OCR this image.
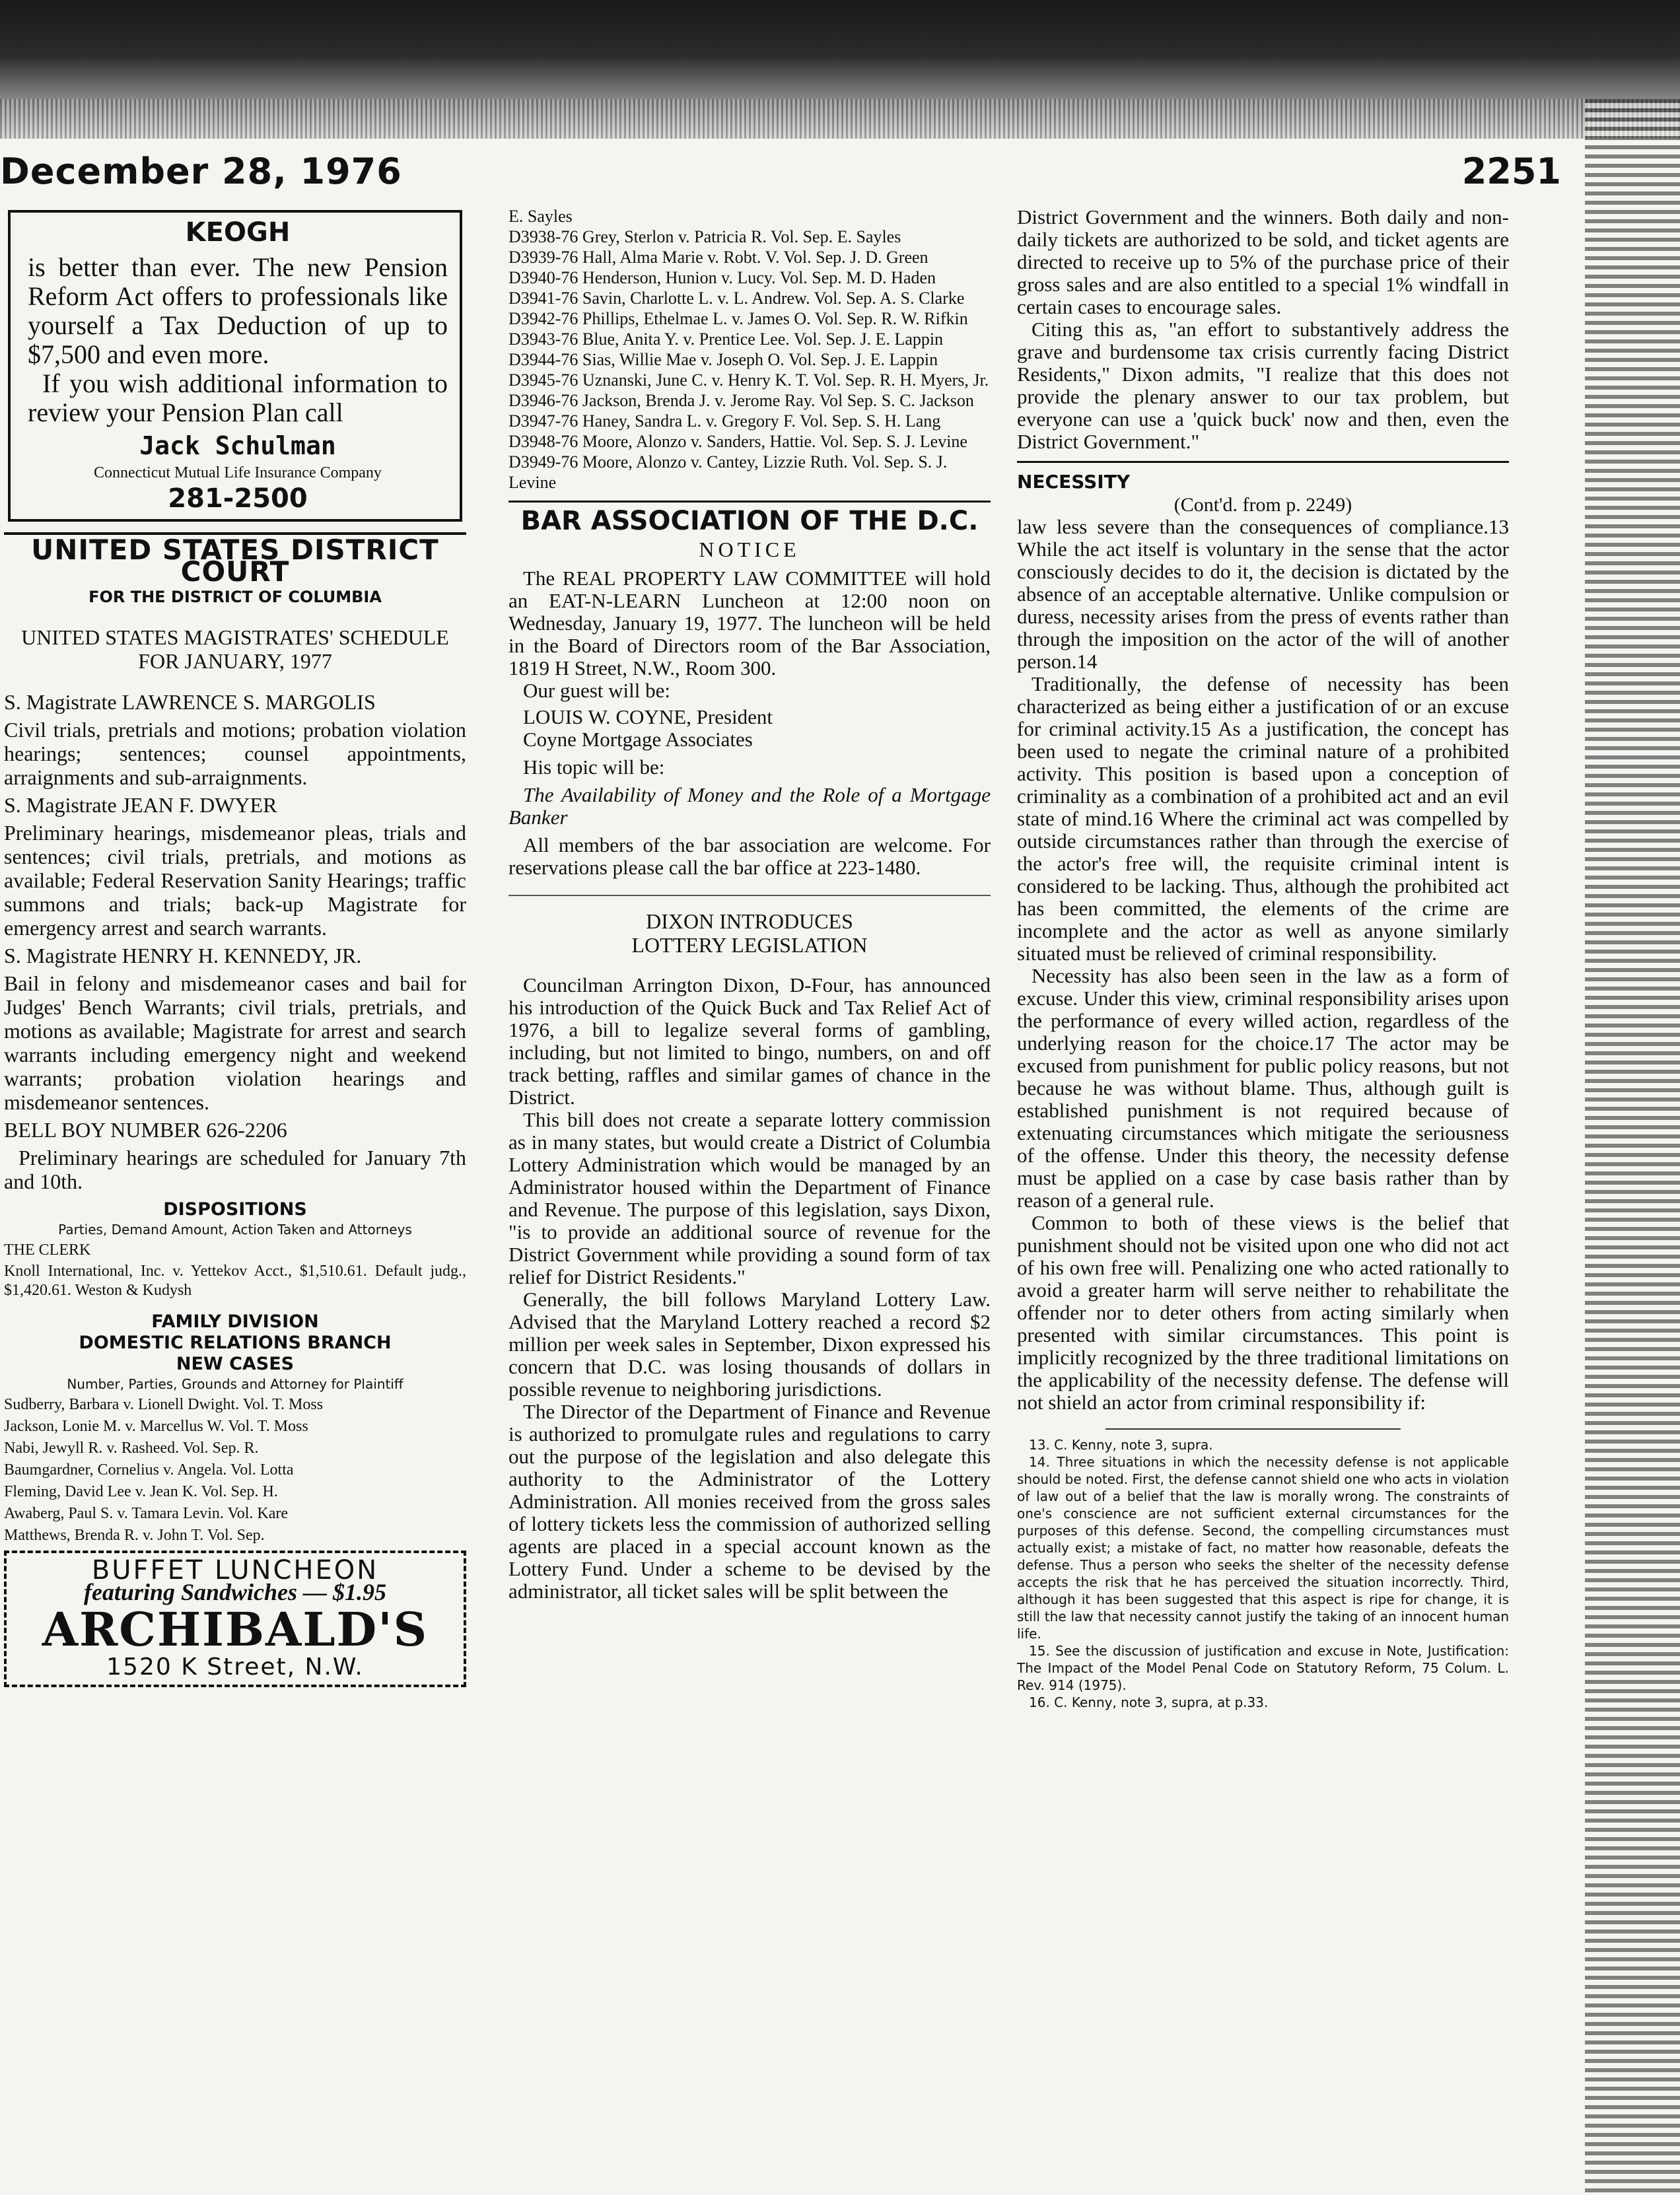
December 28, 1976	2251
KEOGH

is better than ever. The new Pension Reform Act offers to professionals like yourself a Tax Deduction of up to $7,500 and even more.

If you wish additional information to review your Pension Plan call

Jack Schulman
Connecticut Mutual Life Insurance Company
281-2500
UNITED STATES DISTRICT COURT
FOR THE DISTRICT OF COLUMBIA
UNITED STATES MAGISTRATES' SCHEDULE FOR JANUARY, 1977
S. Magistrate LAWRENCE S. MARGOLIS

Civil trials, pretrials and motions; probation violation hearings; sentences; counsel appointments, arraignments and sub-arraignments.

S. Magistrate JEAN F. DWYER

Preliminary hearings, misdemeanor pleas, trials and sentences; civil trials, pretrials, and motions as available; Federal Reservation Sanity Hearings; traffic summons and trials; back-up Magistrate for emergency arrest and search warrants.

S. Magistrate HENRY H. KENNEDY, JR.

Bail in felony and misdemeanor cases and bail for Judges' Bench Warrants; civil trials, pretrials, and motions as available; Magistrate for arrest and search warrants including emergency night and weekend warrants; probation violation hearings and misdemeanor sentences.

BELL BOY NUMBER 626-2206

Preliminary hearings are scheduled for January 7th and 10th.

DISPOSITIONS
Parties, Demand Amount, Action Taken and Attorneys
THE CLERK

Knoll International, Inc. v. Yettekov Acct., $1,510.61. Default judg., $1,420.61. Weston & Kudysh

FAMILY DIVISION
DOMESTIC RELATIONS BRANCH
NEW CASES
Number, Parties, Grounds and Attorney for Plaintiff

Sudberry, Barbara v. Lionell Dwight. Vol. T. Moss

Jackson, Lonie M. v. Marcellus W. Vol. T. Moss

Nabi, Jewyll R. v. Rasheed. Vol. Sep. R.

Baumgardner, Cornelius v. Angela. Vol. Lotta

Fleming, David Lee v. Jean K. Vol. Sep. H.

Awaberg, Paul S. v. Tamara Levin. Vol. Kare

Matthews, Brenda R. v. John T. Vol. Sep.

BUFFET LUNCHEON
featuring Sandwiches — $1.95
ARCHIBALD'S
1520 K Street, N.W.
E. Sayles
D3938-76 Grey, Sterlon v. Patricia R. Vol. Sep. E. Sayles
D3939-76 Hall, Alma Marie v. Robt. V. Vol. Sep. J. D. Green
D3940-76 Henderson, Hunion v. Lucy. Vol. Sep. M. D. Haden
D3941-76 Savin, Charlotte L. v. L. Andrew. Vol. Sep. A. S. Clarke
D3942-76 Phillips, Ethelmae L. v. James O. Vol. Sep. R. W. Rifkin
D3943-76 Blue, Anita Y. v. Prentice Lee. Vol. Sep. J. E. Lappin
D3944-76 Sias, Willie Mae v. Joseph O. Vol. Sep. J. E. Lappin
D3945-76 Uznanski, June C. v. Henry K. T. Vol. Sep. R. H. Myers, Jr.
D3946-76 Jackson, Brenda J. v. Jerome Ray. Vol Sep. S. C. Jackson
D3947-76 Haney, Sandra L. v. Gregory F. Vol. Sep. S. H. Lang
D3948-76 Moore, Alonzo v. Sanders, Hattie. Vol. Sep. S. J. Levine
D3949-76 Moore, Alonzo v. Cantey, Lizzie Ruth. Vol. Sep. S. J. Levine
BAR ASSOCIATION OF THE D.C.
NOTICE

The REAL PROPERTY LAW COMMITTEE will hold an EAT-N-LEARN Luncheon at 12:00 noon on Wednesday, January 19, 1977. The luncheon will be held in the Board of Directors room of the Bar Association, 1819 H Street, N.W., Room 300.

Our guest will be:

LOUIS W. COYNE, President

Coyne Mortgage Associates

His topic will be:

The Availability of Money and the Role of a Mortgage Banker

All members of the bar association are welcome. For reservations please call the bar office at 223-1480.

DIXON INTRODUCES
LOTTERY LEGISLATION

Councilman Arrington Dixon, D-Four, has announced his introduction of the Quick Buck and Tax Relief Act of 1976, a bill to legalize several forms of gambling, including, but not limited to bingo, numbers, on and off track betting, raffles and similar games of chance in the District.

This bill does not create a separate lottery commission as in many states, but would create a District of Columbia Lottery Administration which would be managed by an Administrator housed within the Department of Finance and Revenue. The purpose of this legislation, says Dixon, "is to provide an additional source of revenue for the District Government while providing a sound form of tax relief for District Residents."

Generally, the bill follows Maryland Lottery Law. Advised that the Maryland Lottery reached a record $2 million per week sales in September, Dixon expressed his concern that D.C. was losing thousands of dollars in possible revenue to neighboring jurisdictions.

The Director of the Department of Finance and Revenue is authorized to promulgate rules and regulations to carry out the purpose of the legislation and also delegate this authority to the Administrator of the Lottery Administration. All monies received from the gross sales of lottery tickets less the commission of authorized selling agents are placed in a special account known as the Lottery Fund. Under a scheme to be devised by the administrator, all ticket sales will be split between the

District Government and the winners. Both daily and non-daily tickets are authorized to be sold, and ticket agents are directed to receive up to 5% of the purchase price of their gross sales and are also entitled to a special 1% windfall in certain cases to encourage sales.

Citing this as, "an effort to substantively address the grave and burdensome tax crisis currently facing District Residents," Dixon admits, "I realize that this does not provide the plenary answer to our tax problem, but everyone can use a 'quick buck' now and then, even the District Government."

NECESSITY
(Cont'd. from p. 2249)

law less severe than the consequences of compliance.13 While the act itself is voluntary in the sense that the actor consciously decides to do it, the decision is dictated by the absence of an acceptable alternative. Unlike compulsion or duress, necessity arises from the press of events rather than through the imposition on the actor of the will of another person.14

Traditionally, the defense of necessity has been characterized as being either a justification of or an excuse for criminal activity.15 As a justification, the concept has been used to negate the criminal nature of a prohibited activity. This position is based upon a conception of criminality as a combination of a prohibited act and an evil state of mind.16 Where the criminal act was compelled by outside circumstances rather than through the exercise of the actor's free will, the requisite criminal intent is considered to be lacking. Thus, although the prohibited act has been committed, the elements of the crime are incomplete and the actor as well as anyone similarly situated must be relieved of criminal responsibility.

Necessity has also been seen in the law as a form of excuse. Under this view, criminal responsibility arises upon the performance of every willed action, regardless of the underlying reason for the choice.17 The actor may be excused from punishment for public policy reasons, but not because he was without blame. Thus, although guilt is established punishment is not required because of extenuating circumstances which mitigate the seriousness of the offense. Under this theory, the necessity defense must be applied on a case by case basis rather than by reason of a general rule.

Common to both of these views is the belief that punishment should not be visited upon one who did not act of his own free will. Penalizing one who acted rationally to avoid a greater harm will serve neither to rehabilitate the offender nor to deter others from acting similarly when presented with similar circumstances. This point is implicitly recognized by the three traditional limitations on the applicability of the necessity defense. The defense will not shield an actor from criminal responsibility if:

13. C. Kenny, note 3, supra.

14. Three situations in which the necessity defense is not applicable should be noted. First, the defense cannot shield one who acts in violation of law out of a belief that the law is morally wrong. The constraints of one's conscience are not sufficient external circumstances for the purposes of this defense. Second, the compelling circumstances must actually exist; a mistake of fact, no matter how reasonable, defeats the defense. Thus a person who seeks the shelter of the necessity defense accepts the risk that he has perceived the situation incorrectly. Third, although it has been suggested that this aspect is ripe for change, it is still the law that necessity cannot justify the taking of an innocent human life.

15. See the discussion of justification and excuse in Note, Justification: The Impact of the Model Penal Code on Statutory Reform, 75 Colum. L. Rev. 914 (1975).

16. C. Kenny, note 3, supra, at p.33.
